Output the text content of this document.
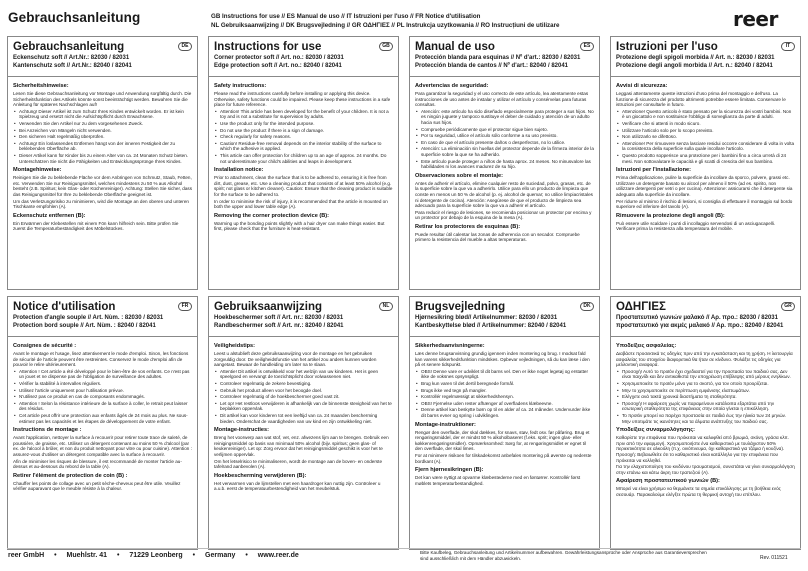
Gebrauchsanleitung	GB Instructions for use // ES Manual de uso // IT Istruzioni per l'uso // FR Notice d'utilisation
NL Gebruiksaanwijzing // DK Brugsvejledning // GR ΟΔΗΓΙΕΣ // PL Instrukcja uzytkowania // RO Instrucțiuni de utilizare	reer
Gebrauchsanleitung	DE
Eckenschutz soft // Art.Nr.: 82030 / 82031
Kantenschutz soft // Art.Nr.: 82040 / 82041
Sicherheitshinweise:
Lesen Sie diese Gebrauchsanleitung vor Montage und Anwendung sorgfältig durch. Die Sicherheitsfunktion des Artikels könnte sonst beeinträchtigt werden. Bewahren Sie die Anleitung für späteres Nachschlagen auf!
• Achtung! Dieser Artikel ist zum Schutz Ihres Kindes entwickelt worden. Er ist kein Spielzeug und ersetzt nicht die Aufsichtspflicht durch Erwachsene.
• Verwenden Sie den Artikel nur zu dem vorgesehenen Zweck.
• Bei Anzeichen von Mängeln nicht verwenden.
• Den sicheren Halt regelmäßig überprüfen.
• Achtung! Ein loslassendes Entfernen hängt von der inneren Festigkeit der zu beklebenden Oberfläche ab.
• Dieser Artikel kann für Kinder bis zu einem Alter von ca. 24 Monaten Schutz bieten. Unterschätzen Sie nicht die Fähigkeiten und Entwicklungssprünge Ihres Kindes.
Montagehinweise:
Reinigen Sie die zu beklebende Fläche vor dem Anbringen von Schmutz, Staub, Fetten, etc. Verwenden Sie nur Reinigungsmittel, welches mindestens zu 50 % aus Alkohol besteht (z.B. Spiritus; kein Glas- oder Küchenreiniger). Achtung: Stellen Sie sicher, dass das Reinigungsmittel für Ihre zu beklebende Oberfläche geeignet ist.
Um das Verletzungsrisiko zu minimieren, wird die Montage an den oberen und unteren Tischkante empfohlen (A).
Eckenschutz entfernen (B):
Ein Erwärmen der Klebestellen mit einem Fön kann hilfreich sein. Bitte prüfen Sie zuerst die Temperaturbeständigkeit des Möbelstückes.
Instructions for use	GB
Corner protector soft // Art. no.: 82030 / 82031
Edge protection soft // Art. no.: 82040 / 82041
Safety instructions:
Please read the instructions carefully before installing or applying this device. Otherwise, safety functions could be impaired. Please keep these instructions in a safe place for future reference.
• Attention! This article has been developed for the benefit of your children. It is not a toy and is not a substitute for supervision by adults.
• Use the product only for the intended purpose.
• Do not use the product if there is a sign of damage.
• Check regularly for safety reasons.
• Caution! Residue-free removal depends on the interior stability of the surface to which the adhesive is applied.
• This article can offer protection for children up to an age of approx. 24 months. Do not underestimate your child's abilities and leaps in development.
Installation notice:
Prior to attachment, clean the surface that is to be adhered to, ensuring it is free from dirt, dust, grease, etc. Use a cleaning product that consists of at least 50% alcohol (e.g. spirit; not glass or kitchen cleaner). Caution: Ensure that the cleaning product is suitable for the surface to be adhered to.
In order to minimise the risk of injury, it is recommended that the article is mounted on both the upper and lower table edge (A).
Removing the corner protection device (B):
Warming up the bonding points slightly with a hair dryer can make things easier. But first, please check that the furniture is heat-resistant.
Manual de uso	ES
Protección blanda para esquinas // Nº d'art.: 82030 / 82031
Protección blanda de cantos // Nº d'art.: 82040 / 82041
Advertencias de seguridad:
Para garantizar la seguridad y el uso correcto de este artículo, lea atentamente estas instrucciones de uso antes de instalar y utilizar el artículo y consérvelas para futuras consultas.
• Atención: este artículo ha sido diseñado especialmente para proteger a sus hijos. No es ningún juguete y tampoco sustituye el deber de cuidado y atención de un adulto hacia sus hijos.
• Compruebe periódicamente que el protector sigue bien sujeto.
• Por tu seguridad, utilice el artículo sólo conforme a su uso previsto.
• En caso de que el artículo presente daños o desperfectos, no lo utilice.
• Atención: La eliminación sin huellas del protector depende de la firmeza interior de la superficie sobre la que se ha adherido.
• Este artículo puede proteger a niños de hasta aprox. 24 meses. No minusvalore las habilidades ni los avances madurez de su hijo.
Observaciones sobre el montaje:
Antes de adherir el artículo, elimine cualquier resto de suciedad, polvo, grasas, etc. de la superficie sobre la que va a adherirlo. Utilice para ello un producto de limpieza que conste en menos un 50 % de alcohol (p. ej. alcohol de quemar; no utilice limpiacristales ni detergente de cocina). Atención: Asegúrese de que el producto de limpieza sea adecuado para la superficie sobre la que va a adherir el artículo.
Para reducir el riesgo de lesiones, se recomienda posicionar un protector por encima y un protector por debajo de la esquina de la mesa (A).
Retirar los protectores de esquinas (B):
Puede resultar útil calentar las zonas de adherencia con un secador. Compruebe primero la resistencia del mueble a altas temperaturas.
Istruzioni per l'uso	IT
Protezione degli spigoli morbida // Art. n.: 82030 / 82031
Protezione degli angoli morbida // Art. n.: 82040 / 82041
Avvisi di sicurezza:
Leggasi attentamente queste istruzioni d'uso prima del montaggio e dell'uso. La funzione di sicurezza del prodotto altrimenti potrebbe essere limitata. Conservare le istruzioni per consultarle in futuro.
• Attenzione! Questo articolo è stato pensato per la sicurezza dei vostri bambini. Non è un giocattolo e non sostituisce l'obbligo di sorveglianza da parte di adulti.
• Verificare che si attenti in modo sicuro.
• Utilizzare l'articolo solo per lo scopo previsto.
• Non utilizzarlo se difettoso.
• Attenzione! Per rimuovere senza lasciare residui occorre considerare di volta in volta la consistenza della superficie sulla quale incollare l'articolo.
• Questo prodotto sopperisce una protezione per i bambini fino a circa un'età di 24 mesi. Non sottovalutare le capacità e gli scatti di crescita del suo bambino.
Istruzioni per l'installazione:
Prima dell'applicazione, pulire la superficie da incollare da sporco, polvere, grassi etc. Utilizzare un detergente basato su alcool per almeno il 50% (ad es. spirito, non utilizzare detergenti per vetri o per cucina). Attenzione: assicurarsi che il detergente sia adeguato alla superficie da incollare.
Per ridurre al minimo il rischio di lesioni, si consiglia di effettuare il montaggio sul bordo superiore ed inferiore del tavolo (A).
Rimuovere la protezione degli angoli (B):
Può essere utile scaldare i punti di incollaggio servendosi di un asciugacapelli. Verificare prima la resistenza alla temperatura del mobile.
Notice d'utilisation	FR
Protection d'angle souple // Art. Nùm. : 82030 / 82031
Protection bord souple // Art. Nùm. : 82040 / 82041
Consignes de sécurité :
Avant le montage et l'usage, lisez attentivement le mode d'emploi. Sinon, les fonctions de sécurité de l'article peuvent être restreintes. Conservez le mode d'emploi afin de pouvoir le relire ultérieurement.
• Attention ! Cet article a été développé pour le bien-être de vos enfants. Ce n'est pas un jouet et ne dispense pas de l'obligation de surveillance des adultes.
• Vérifier la stabilité à intervalles réguliers.
• Utilisez l'article uniquement pour l'utilisation prévue.
• N'utilisez pas ce produit en cas de composants endommagés.
• Attention ! Selon la résistance intérieure de la surface à coller, le retrait peut laisser des résidus.
• Cet article peut offrir une protection aux enfants âgés de 24 mois au plus. Ne sous-estimez pas les capacités et les étapes de développement de votre enfant.
Instructions de montage :
Avant l'application, nettoyer la surface à recouvrir pour retirer toute trace de saleté, de poussière, de graisse, etc. Utilisez un détergent contenant au moins 50 % d'alcool (par ex. de l'alcool à brûler, et non du produit nettoyant pour vitre ou pour cuisine). Attention : assurez-vous d'utiliser un détergent compatible avec la surface à recouvrir.
Afin de minimiser les risques de blessure, il est recommandé de monter l'article au-dessus et au-dessous du rebord de la table (A).
Retirer l'élément de protection de coin (B) :
Chauffer les points de collage avec un petit sèche-cheveux peut être utile. Veuillez vérifier auparavant que le meuble résiste à la chaleur.
Gebruiksaanwijzing	NL
Hoekbeschermer soft // Art. nr.: 82030 / 82031
Randbeschermer soft // Art. nr.: 82040 / 82041
Veiligheidstips:
Leest u alstublieft deze gebruiksaanwijzing voor de montage en het gebruiken zorgvuldig door. De veiligheidsfunctie van het artikel zou anders kunnen worden aangetast. Bewaar de handleiding om later na te slaan.
• Attentie! Dit artikel is ontwikkeld voor het welzijn van uw kinderen. Het is geen speelgoed en vervangt de toezichtsplicht door volwassenen niet.
• Controleer regelmatig de zekere bevestiging.
• Gebruik het product alleen voor het beoogde doel.
• Controleer regelmatig of de hoekbeschermer goed vast zit.
• Let op! Het restloos verwijderen is afhankelijk van de binnenste stevigheid van het te beplakken oppervlak.
• Dit artikel kan voor kinderen tot een leeftijd van ca. 24 maanden bescherming bieden. Onderschat de vaardigheden van uw kind en zijn ontwikkeling niet.
Montage-instructies:
Breng het voorwerp aan wat stof, vet, enz. afwezens lijm aan te brengen. Gebruik een reinigingsmiddel op basis van minimaal 50% alcohol (bijv. spiritus; geen glas- of keukenreiniger). Let op: Zorg ervoor dat het reinigingsmiddel geschikt is voor het te verlijmen oppervlak.
Om het letselrisico te minimaliseren, wordt de montage aan de boven- en onderste tafelrand aanbevolen (A).
Hoekbescherming verwijderen (B):
Het verwarmen van de lijmstellen met een haardroger kan nuttig zijn. Controleer u a.u.b. eerst de temperatuurbestendigheid van het meubelstuk.
Brugsvejledning	DK
Hjørnesikring blød// Artikelnummer: 82030 / 82031
Kantbeskyttelse blød // Artikelnummer: 82040 / 82041
Sikkerhedsanvisningerne:
Læs denne brugsanvisning grundig igennem inden montering og brug. I modsat fald kan varens sikkerhedsfunktion mindskes. Opbevar vejledningen, så du kan læse i den på et senere tidspunkt.
• OBS! Denne vare er udviklet til dit barns vel. Den er ikke noget legetøj og erstatter ikke de voksnes opsynspligt.
• Brug kun varen til det dertil beregnede formål.
• Brugs ikke ved tegn på mangler.
• Kontrollér regelmæssigt at sikkerhedshensyn.
• OBS! Fjernelse uden rester afhænger af overfladens klæbeevne.
• Denne artikel kan beskytte børn op til en alder af ca. 24 måneder. Undervurder ikke dit barns evner og spring i udviklingen.
Montage-instruktioner:
Rengør den overflade, der skal dækkes, for snavs, støv, fedt osv. før påføring. Brug et rengøringsmiddel, der er mindst 50 % alkoholbaseret (f.eks. sprit; ingen glas- eller køkkenrengøringsmidler). Opmærksomhed: Sørg for, at rengøringsmidlet er egnet til den overflade, der skal limes.
For at minimere risikoen for tilskadekomst anbefales montering på øverste og nederste bordkant (A).
Fjern hjørnesikringen (B):
Det kan være nyttigt at opvarme klæbestederne med en føntørrer. Kontrollér først møblets temperaturbestandighed.
ΟΔΗΓΙΕΣ	GR
Προστατευτικό γωνιών μαλακό // Αρ. προ.: 82030 / 82031
προστατευτικό για ακμές μαλακό // Αρ. προ.: 82040 / 82041
Υποδείξεις ασφαλείας:
Διαβάστε προσεκτικά τις οδηγίες πριν από την εγκατάσταση και τη χρήση. Η λειτουργία ασφαλείας του στοιχείου διαφορετικά θα ήταν σε κίνδυνο. Φυλάξτε τις οδηγίες για μελλοντική αναφορά.
• Προσοχή! Αυτό το προϊόν έχει σχεδιαστεί για την προστασία του παιδιού σας. Δεν είναι παιχνίδι και δεν αντικαθιστά την υποχρέωση επίβλεψης από μέρους ενηλίκων.
• Χρησιμοποιείτε το προϊόν μόνο για το σκοπό, για τον οποίο προορίζεται.
• Μην το χρησιμοποιείτε σε περίπτωση εμφάνισης ελαττωμάτων.
• Ελέγχετε ανά τακτά χρονικά διαστήματα τη σταθερότητα.
• Προσοχή! Η αφαίρεση χωρίς να παραμείνουν κατάλοιπα εξαρτάται από την εσωτερική σταθερότητα της επιφάνειας στην οποία γίνεται η επικόλληση.
• Το προϊόν μπορεί να παρέχει προστασία σε παιδιά έως την ηλικία των 24 μηνών. Μην υποτιμάτε τις ικανότητες και τα άλματα ανάπτυξης του παιδιού σας.
Υποδείξεις συναρμολόγησης:
Καθαρίστε την επιφάνεια που πρόκειται να καλυφθεί από βρωμιά, σκόνη, γράσα κλπ. πριν από την εφαρμογή. Χρησιμοποιήστε ένα καθαριστικό με τουλάχιστον 50% περιεκτικότητα σε αλκοόλη (π.χ. οινόπνευμα, όχι καθαριστικά για τζάμια ή κουζίνα). Προσοχή: Βεβαιωθείτε ότι το καθαριστικό είναι κατάλληλο για την επιφάνεια που πρόκειται να κολληθεί.
Για την ελαχιστοποίηση του κινδύνου τραυματισμού, συνιστάται να γίνει συναρμολόγηση στην επάνω και κάτω άκρη του τραπεζιού (A).
Αφαίρεση προστατευτικού γωνιών (B):
Μπορεί να είναι χρήσιμο να θερμάνετε τα σημεία επικόλλησης με τη βοήθεια ενός σεσουάρ. Παρακαλούμε ελέγξτε πρώτα τη θερμική αντοχή του επίπλου.
reer GmbH • Muehlstr. 41 • 71229 Leonberg • Germany • www.reer.de	Bitte Kaufbeleg, Gebrauchsanleitung und Artikelnummer aufbewahren. Gewährleistungsansprüche oder Ansprüche aus Garantieversprechen sind ausschließlich mit dem Händler abzuwickeln.	Rev. 011521
